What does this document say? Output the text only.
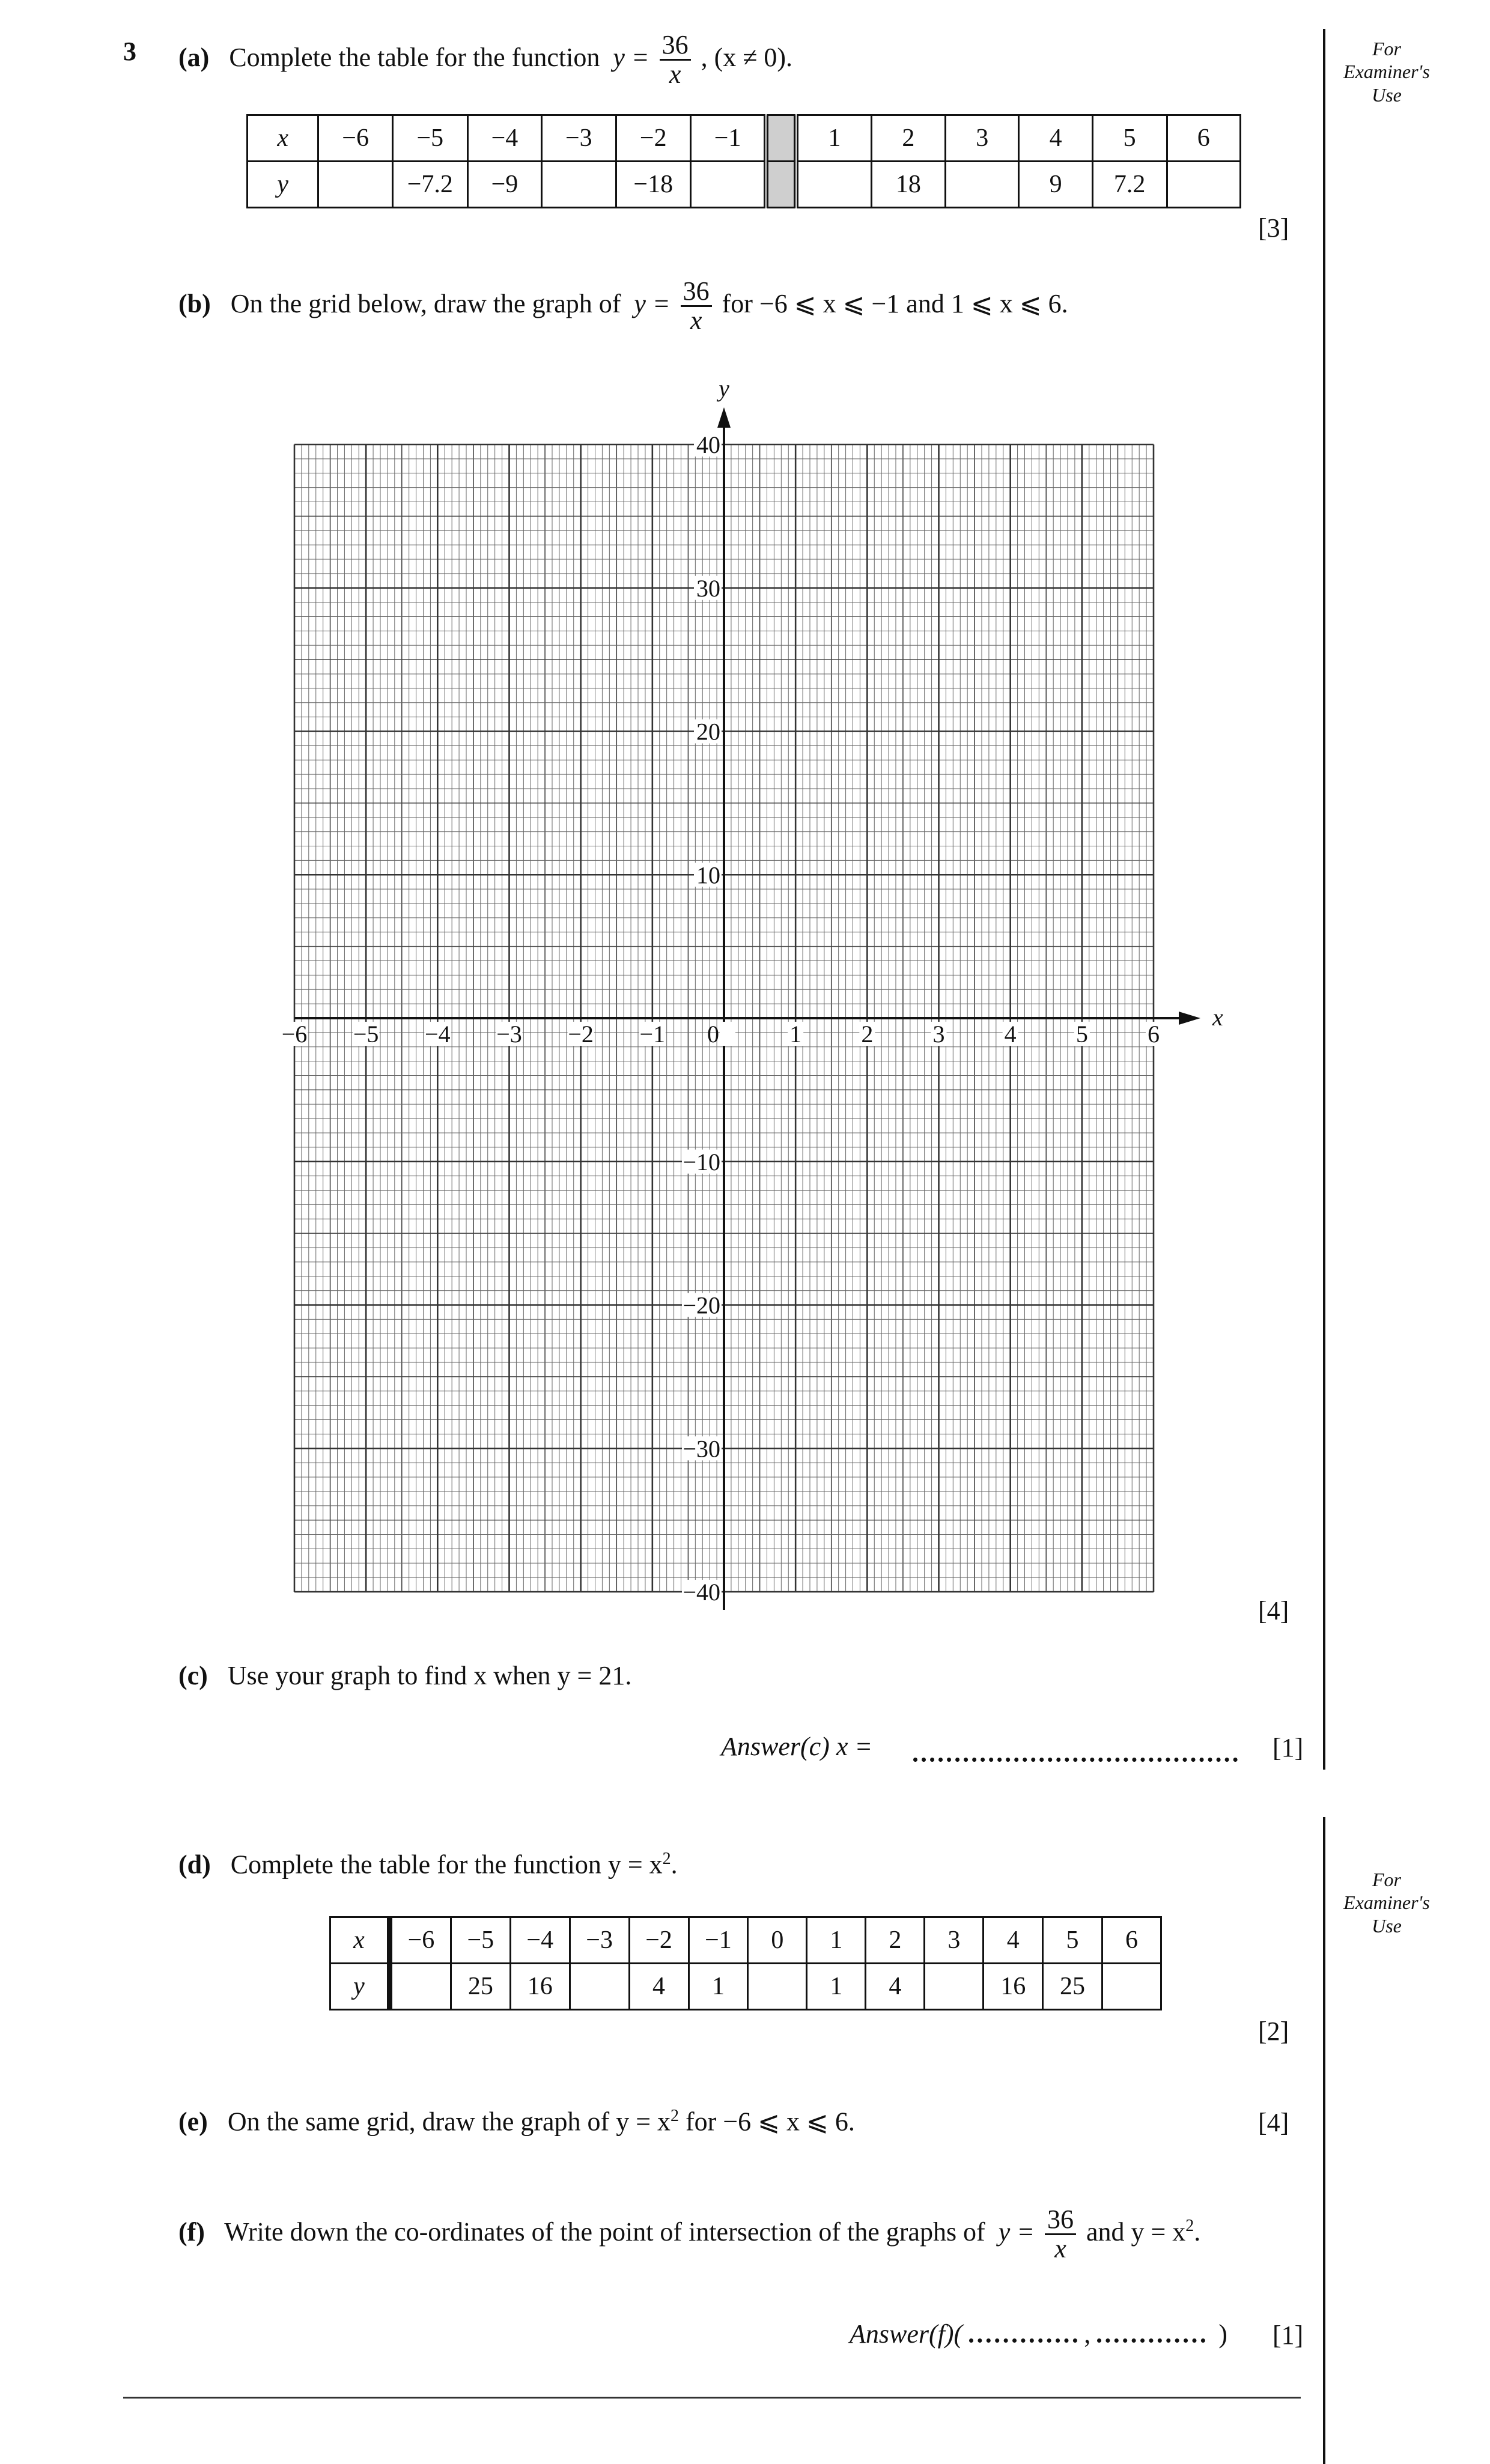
3	For
Examiner's
Use
(a) Complete the table for the function $y = \frac{36}{x}$ , (x ≠ 0).
x	−6	−5	−4	−3	−2	−1		1	2	3	4	5	6
y		−7.2	−9		−18				18		9	7.2	
[3]
(b) On the grid below, draw the graph of $y = \frac{36}{x}$ for −6 ⩽ x ⩽ −1 and 1 ⩽ x ⩽ 6.
y
x
−6 −5 −4 −3 −2 −1 0	1 2 3 4 5 6
40
30
20
10
−10
−20
−30
−40
[4]
(c) Use your graph to find x when y = 21.
Answer(c) x =	[1]
For
Examiner's
Use
(d) Complete the table for the function $y = x^2$.
x	−6	−5	−4	−3	−2	−1	0	1	2	3	4	5	6
y		25	16		4	1		1	4		16	25	
[2]
(e) On the same grid, draw the graph of $y = x^2$ for −6 ⩽ x ⩽ 6.	[4]
(f) Write down the co-ordinates of the point of intersection of the graphs of $y = \frac{36}{x}$ and $y = x^2$.
Answer(f)(	,	) [1]
